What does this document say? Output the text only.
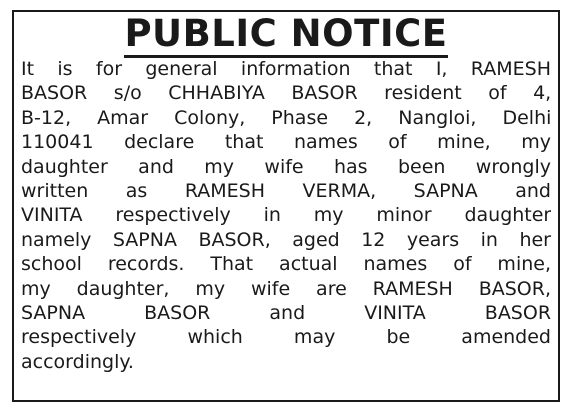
PUBLIC NOTICE
It is for general information that I, RAMESH
BASOR s/o CHHABIYA BASOR resident of 4,
B-12, Amar Colony, Phase 2, Nangloi, Delhi
110041 declare that names of mine, my
daughter and my wife has been wrongly
written as RAMESH VERMA, SAPNA and
VINITA respectively in my minor daughter
namely SAPNA BASOR, aged 12 years in her
school records. That actual names of mine,
my daughter, my wife are RAMESH BASOR,
SAPNA BASOR and VINITA BASOR
respectively which may be amended
accordingly.
